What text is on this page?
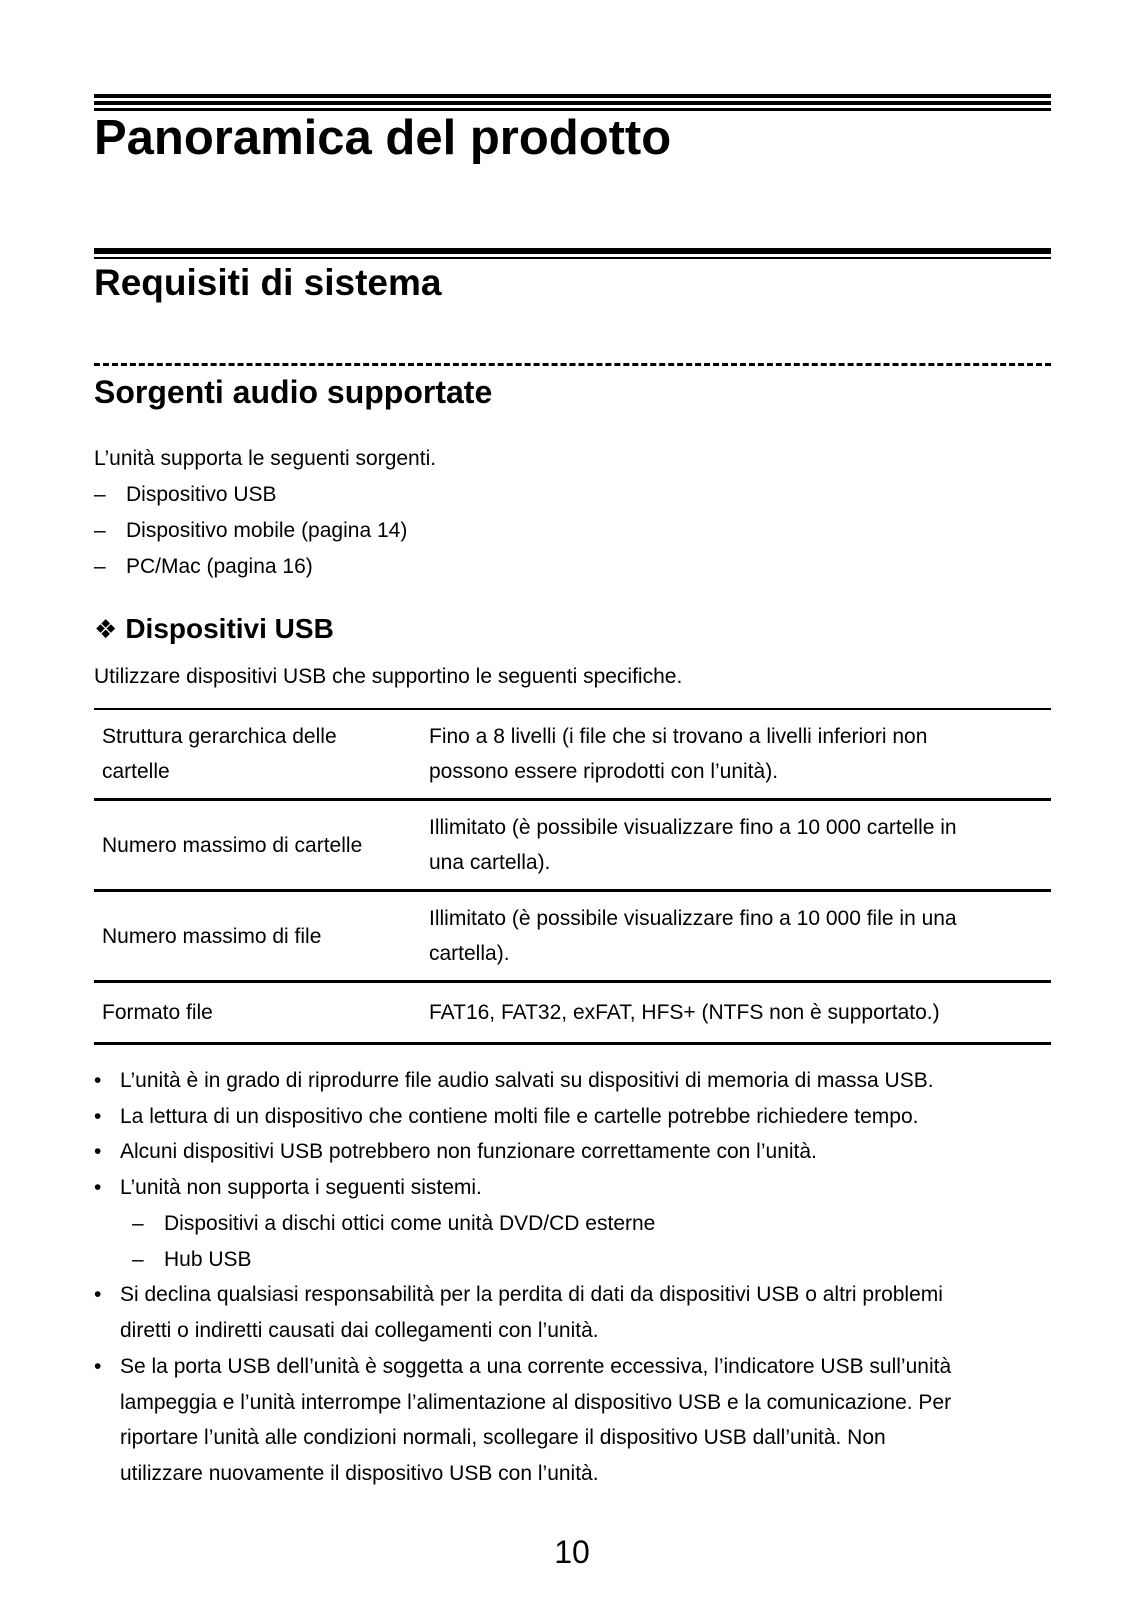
Panoramica del prodotto
Requisiti di sistema
Sorgenti audio supportate
L’unità supporta le seguenti sorgenti.
– Dispositivo USB
– Dispositivo mobile (pagina 14)
– PC/Mac (pagina 16)
❖ Dispositivi USB
Utilizzare dispositivi USB che supportino le seguenti specifiche.
Struttura gerarchica delle
cartelle	Fino a 8 livelli (i file che si trovano a livelli inferiori non
possono essere riprodotti con l’unità).
Numero massimo di cartelle	Illimitato (è possibile visualizzare fino a 10 000 cartelle in
una cartella).
Numero massimo di file	Illimitato (è possibile visualizzare fino a 10 000 file in una
cartella).
Formato file	FAT16, FAT32, exFAT, HFS+ (NTFS non è supportato.)
• L’unità è in grado di riprodurre file audio salvati su dispositivi di memoria di massa USB.
• La lettura di un dispositivo che contiene molti file e cartelle potrebbe richiedere tempo.
• Alcuni dispositivi USB potrebbero non funzionare correttamente con l’unità.
• L’unità non supporta i seguenti sistemi.
– Dispositivi a dischi ottici come unità DVD/CD esterne
– Hub USB
• Si declina qualsiasi responsabilità per la perdita di dati da dispositivi USB o altri problemi
diretti o indiretti causati dai collegamenti con l’unità.
• Se la porta USB dell’unità è soggetta a una corrente eccessiva, l’indicatore USB sull’unità
lampeggia e l’unità interrompe l’alimentazione al dispositivo USB e la comunicazione. Per
riportare l’unità alle condizioni normali, scollegare il dispositivo USB dall’unità. Non
utilizzare nuovamente il dispositivo USB con l’unità.
10
